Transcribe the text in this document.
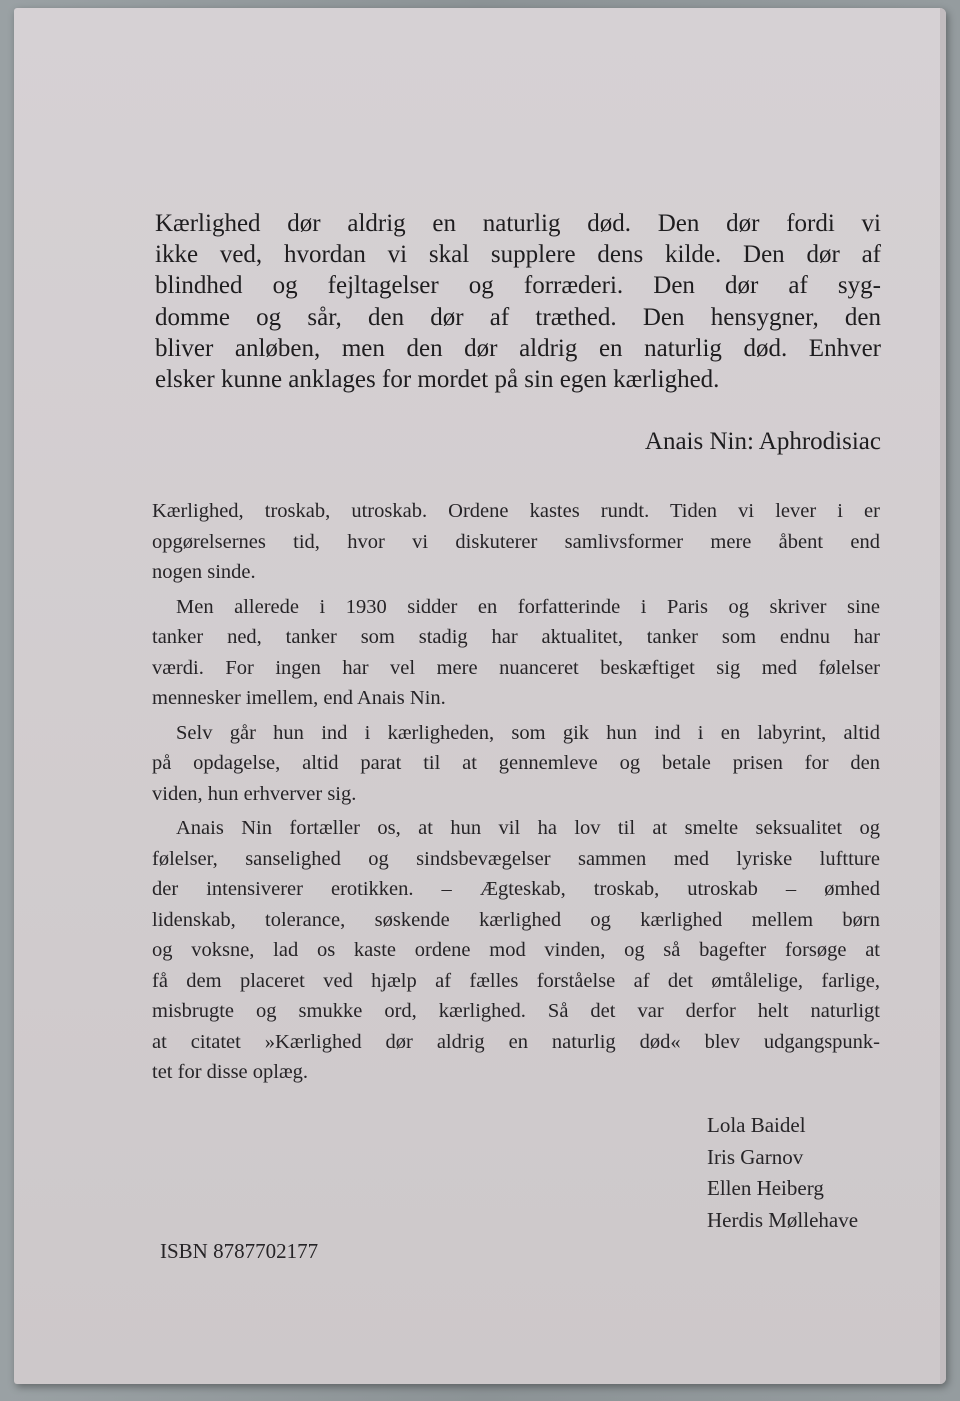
Kærlighed dør aldrig en naturlig død. Den dør fordi vi
ikke ved, hvordan vi skal supplere dens kilde. Den dør af
blindhed og fejltagelser og forræderi. Den dør af syg-
domme og sår, den dør af træthed. Den hensygner, den
bliver anløben, men den dør aldrig en naturlig død. Enhver
elsker kunne anklages for mordet på sin egen kærlighed.
Anais Nin: Aphrodisiac

Kærlighed, troskab, utroskab. Ordene kastes rundt. Tiden vi lever i er
opgørelsernes tid, hvor vi diskuterer samlivsformer mere åbent end
nogen sinde.

Men allerede i 1930 sidder en forfatterinde i Paris og skriver sine
tanker ned, tanker som stadig har aktualitet, tanker som endnu har
værdi. For ingen har vel mere nuanceret beskæftiget sig med følelser
mennesker imellem, end Anais Nin.

Selv går hun ind i kærligheden, som gik hun ind i en labyrint, altid
på opdagelse, altid parat til at gennemleve og betale prisen for den
viden, hun erhverver sig.

Anais Nin fortæller os, at hun vil ha lov til at smelte seksualitet og
følelser, sanselighed og sindsbevægelser sammen med lyriske luftture
der intensiverer erotikken. – Ægteskab, troskab, utroskab – ømhed
lidenskab, tolerance, søskende kærlighed og kærlighed mellem børn
og voksne, lad os kaste ordene mod vinden, og så bagefter forsøge at
få dem placeret ved hjælp af fælles forståelse af det ømtålelige, farlige,
misbrugte og smukke ord, kærlighed. Så det var derfor helt naturligt
at citatet »Kærlighed dør aldrig en naturlig død« blev udgangspunk-
tet for disse oplæg.

Lola Baidel
Iris Garnov
Ellen Heiberg
Herdis Møllehave
ISBN 8787702177
